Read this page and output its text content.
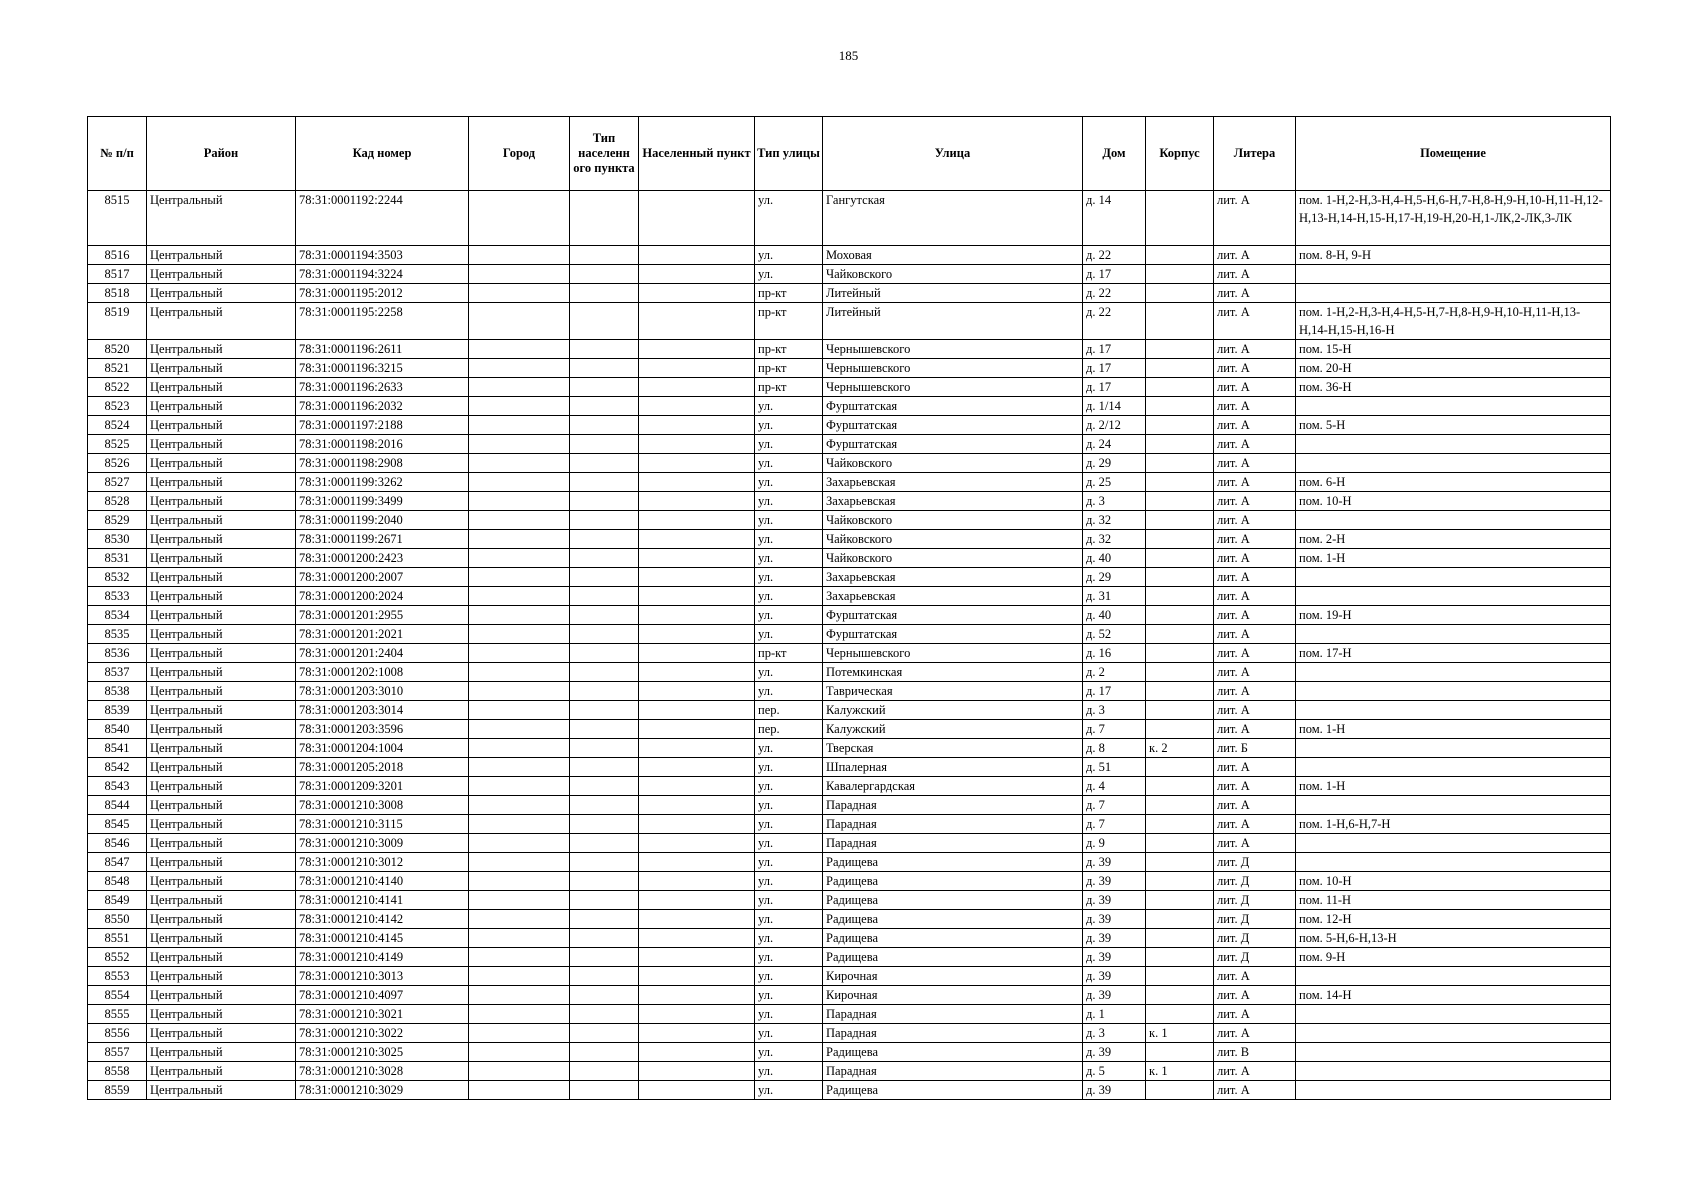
185
№ п/п	Район	Кад номер	Город	Тип населенн ого пункта	Населенный пункт	Тип улицы	Улица	Дом	Корпус	Литера	Помещение
8515	Центральный	78:31:0001192:2244				ул.	Гангутская	д. 14		лит. А	пом. 1-Н,2-Н,3-Н,4-Н,5-Н,6-Н,7-Н,8-Н,9-Н,10-Н,11-Н,12-Н,13-Н,14-Н,15-Н,17-Н,19-Н,20-Н,1-ЛК,2-ЛК,3-ЛК
8516	Центральный	78:31:0001194:3503				ул.	Моховая	д. 22		лит. А	пом. 8-Н, 9-Н
8517	Центральный	78:31:0001194:3224				ул.	Чайковского	д. 17		лит. А	
8518	Центральный	78:31:0001195:2012				пр-кт	Литейный	д. 22		лит. А	
8519	Центральный	78:31:0001195:2258				пр-кт	Литейный	д. 22		лит. А	пом. 1-Н,2-Н,3-Н,4-Н,5-Н,7-Н,8-Н,9-Н,10-Н,11-Н,13-Н,14-Н,15-Н,16-Н
8520	Центральный	78:31:0001196:2611				пр-кт	Чернышевского	д. 17		лит. А	пом. 15-Н
8521	Центральный	78:31:0001196:3215				пр-кт	Чернышевского	д. 17		лит. А	пом. 20-Н
8522	Центральный	78:31:0001196:2633				пр-кт	Чернышевского	д. 17		лит. А	пом. 36-Н
8523	Центральный	78:31:0001196:2032				ул.	Фурштатская	д. 1/14		лит. А	
8524	Центральный	78:31:0001197:2188				ул.	Фурштатская	д. 2/12		лит. А	пом. 5-Н
8525	Центральный	78:31:0001198:2016				ул.	Фурштатская	д. 24		лит. А	
8526	Центральный	78:31:0001198:2908				ул.	Чайковского	д. 29		лит. А	
8527	Центральный	78:31:0001199:3262				ул.	Захарьевская	д. 25		лит. А	пом. 6-Н
8528	Центральный	78:31:0001199:3499				ул.	Захарьевская	д. 3		лит. А	пом. 10-Н
8529	Центральный	78:31:0001199:2040				ул.	Чайковского	д. 32		лит. А	
8530	Центральный	78:31:0001199:2671				ул.	Чайковского	д. 32		лит. А	пом. 2-Н
8531	Центральный	78:31:0001200:2423				ул.	Чайковского	д. 40		лит. А	пом. 1-Н
8532	Центральный	78:31:0001200:2007				ул.	Захарьевская	д. 29		лит. А	
8533	Центральный	78:31:0001200:2024				ул.	Захарьевская	д. 31		лит. А	
8534	Центральный	78:31:0001201:2955				ул.	Фурштатская	д. 40		лит. А	пом. 19-Н
8535	Центральный	78:31:0001201:2021				ул.	Фурштатская	д. 52		лит. А	
8536	Центральный	78:31:0001201:2404				пр-кт	Чернышевского	д. 16		лит. А	пом. 17-Н
8537	Центральный	78:31:0001202:1008				ул.	Потемкинская	д. 2		лит. А	
8538	Центральный	78:31:0001203:3010				ул.	Таврическая	д. 17		лит. А	
8539	Центральный	78:31:0001203:3014				пер.	Калужский	д. 3		лит. А	
8540	Центральный	78:31:0001203:3596				пер.	Калужский	д. 7		лит. А	пом. 1-Н
8541	Центральный	78:31:0001204:1004				ул.	Тверская	д. 8	к. 2	лит. Б	
8542	Центральный	78:31:0001205:2018				ул.	Шпалерная	д. 51		лит. А	
8543	Центральный	78:31:0001209:3201				ул.	Кавалергардская	д. 4		лит. А	пом. 1-Н
8544	Центральный	78:31:0001210:3008				ул.	Парадная	д. 7		лит. А	
8545	Центральный	78:31:0001210:3115				ул.	Парадная	д. 7		лит. А	пом. 1-Н,6-Н,7-Н
8546	Центральный	78:31:0001210:3009				ул.	Парадная	д. 9		лит. А	
8547	Центральный	78:31:0001210:3012				ул.	Радищева	д. 39		лит. Д	
8548	Центральный	78:31:0001210:4140				ул.	Радищева	д. 39		лит. Д	пом. 10-Н
8549	Центральный	78:31:0001210:4141				ул.	Радищева	д. 39		лит. Д	пом. 11-Н
8550	Центральный	78:31:0001210:4142				ул.	Радищева	д. 39		лит. Д	пом. 12-Н
8551	Центральный	78:31:0001210:4145				ул.	Радищева	д. 39		лит. Д	пом. 5-Н,6-Н,13-Н
8552	Центральный	78:31:0001210:4149				ул.	Радищева	д. 39		лит. Д	пом. 9-Н
8553	Центральный	78:31:0001210:3013				ул.	Кирочная	д. 39		лит. А	
8554	Центральный	78:31:0001210:4097				ул.	Кирочная	д. 39		лит. А	пом. 14-Н
8555	Центральный	78:31:0001210:3021				ул.	Парадная	д. 1		лит. А	
8556	Центральный	78:31:0001210:3022				ул.	Парадная	д. 3	к. 1	лит. А	
8557	Центральный	78:31:0001210:3025				ул.	Радищева	д. 39		лит. В	
8558	Центральный	78:31:0001210:3028				ул.	Парадная	д. 5	к. 1	лит. А	
8559	Центральный	78:31:0001210:3029				ул.	Радищева	д. 39		лит. А	
